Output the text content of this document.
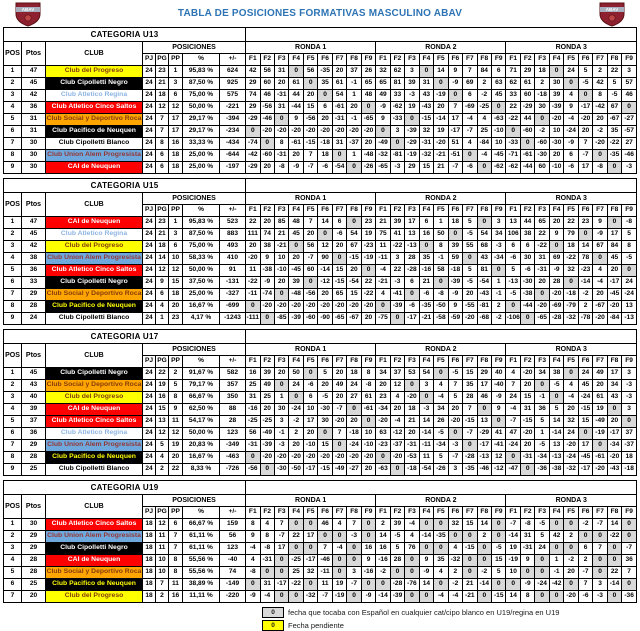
ABAV	TABLA DE POSICIONES FORMATIVAS MASCULINO ABAV	ABAV
CATEGORIA U13																																		
POS	Ptos	CLUB	POSICIONES					RONDA 1									RONDA 2									RONDA 3								
			PJ	PG	PP	%	+/-	F1	F2	F3	F4	F5	F6	F7	F8	F9	F1	F2	F3	F4	F5	F6	F7	F8	F9	F1	F2	F3	F4	F5	F6	F7	F8	F9
1	47	Club del Progreso	24	23	1	95,83 %	624	42	56	31	0	56	-35	20	37	26	32	62	3	0	14	9	7	84	6	71	29	18	0	24	5	2	22	3
2	45	Club Cipolletti Negro	24	21	3	87,50 %	925	29	60	20	61	0	35	61	-1	65	65	81	39	31	0	-9	69	2	63	62	61	2	30	0	-5	42	5	57
3	42	Club Atletico Regina	24	18	6	75,00 %	575	74	46	-31	44	20	0	54	1	48	49	33	-3	43	-19	0	6	-2	45	33	60	-18	39	4	0	8	-5	46
4	36	Club Atletico Cinco Saltos	24	12	12	50,00 %	-221	29	-56	31	-44	15	6	-61	20	0	-9	-62	19	-43	20	7	-69	-25	0	22	-29	30	-39	9	-17	-42	67	0
5	31	Club Social y Deportivo Roca	24	7	17	29,17 %	-394	-29	-46	0	9	-56	20	-31	-1	-65	9	-33	0	-15	-14	17	-4	4	-63	-22	44	0	-20	-4	-20	20	-67	-27
6	31	Club Pacifico de Neuquen	24	7	17	29,17 %	-234	0	-20	-20	-20	-20	-20	-20	-20	-20	0	3	-39	32	19	-17	-7	25	-10	0	-60	-2	10	-24	20	-2	35	-57
7	30	Club Cipolletti Blanco	24	8	16	33,33 %	-434	-74	0	8	-61	-15	-18	31	-37	20	-49	0	-29	-31	-20	51	4	-84	10	-33	0	-60	-30	-9	7	-20	-22	27
8	30	Club Union Alem Progresista	24	6	18	25,00 %	-644	-42	-60	-31	20	7	18	0	1	-48	-32	-81	-19	-32	-21	-51	0	-4	-45	-71	-61	-30	20	6	-7	0	-35	-46
9	30	CAI de Neuquen	24	6	18	25,00 %	-197	-29	20	-8	-9	-7	-6	-54	0	-26	-65	-3	29	15	21	-7	-6	0	-62	-62	-44	60	-10	-6	17	-8	0	-3
CATEGORIA U15																																		
POS	Ptos	CLUB	POSICIONES					RONDA 1									RONDA 2									RONDA 3								
			PJ	PG	PP	%	+/-	F1	F2	F3	F4	F5	F6	F7	F8	F9	F1	F2	F3	F4	F5	F6	F7	F8	F9	F1	F2	F3	F4	F5	F6	F7	F8	F9
1	47	CAI de Neuquen	24	23	1	95,83 %	523	22	20	85	48	7	14	6	0	23	21	39	17	6	1	18	5	0	3	13	44	65	20	22	23	9	0	-8
2	45	Club Atletico Regina	24	21	3	87,50 %	883	111	74	21	45	20	0	-6	54	19	75	41	13	16	50	0	-5	54	34	106	38	22	9	79	0	-9	17	5
3	42	Club del Progreso	24	18	6	75,00 %	493	20	38	-21	0	56	12	20	67	-23	11	-22	-13	0	8	39	55	68	-3	6	6	-22	0	18	14	67	84	8
4	38	Club Union Alem Progresista	24	14	10	58,33 %	410	-20	9	10	20	-7	90	0	-15	-19	-11	3	28	35	-1	59	0	43	-34	-6	30	31	69	-22	78	0	45	-5
5	36	Club Atletico Cinco Saltos	24	12	12	50,00 %	91	11	-38	-10	-45	60	-14	15	20	0	-4	22	-28	-16	58	-18	5	81	0	5	-6	-31	-9	32	-23	4	20	0
6	33	Club Cipolletti Negro	24	9	15	37,50 %	-131	-22	-9	20	39	0	-12	-15	-54	22	-21	-3	6	21	0	-39	-5	-54	1	-13	-30	20	28	0	-14	-4	-17	24
7	29	Club Social y Deportivo Roca	24	6	18	25,00 %	-327	-11	-74	0	-48	-56	20	65	15	-22	4	-41	0	-6	-8	-9	20	-43	-1	-5	-38	0	-20	-18	-2	20	-45	-24
8	28	Club Pacifico de Neuquen	24	4	20	16,67 %	-699	0	-20	-20	-20	-20	-20	-20	-20	-20	0	-39	-6	-35	-50	9	-55	-81	2	0	-44	-20	-69	-79	2	-67	-20	13
9	24	Club Cipolletti Blanco	24	1	23	4,17 %	-1243	-111	0	-85	-39	-60	-90	-65	-67	20	-75	0	-17	-21	-58	-59	-20	-68	-2	-106	0	-65	-28	-32	-78	-20	-84	-13
CATEGORIA U17																																		
POS	Ptos	CLUB	POSICIONES					RONDA 1									RONDA 2									RONDA 3								
			PJ	PG	PP	%	+/-	F1	F2	F3	F4	F5	F6	F7	F8	F9	F1	F2	F3	F4	F5	F6	F7	F8	F9	F1	F2	F3	F4	F5	F6	F7	F8	F9
1	45	Club Cipolletti Negro	24	22	2	91,67 %	582	16	39	20	50	0	5	20	18	8	34	37	53	54	0	-5	15	29	40	4	-20	34	38	0	24	49	17	3
2	43	Club Social y Deportivo Roca	24	19	5	79,17 %	357	25	49	0	24	-6	20	49	24	-8	20	12	0	3	4	7	35	17	-40	7	20	0	-5	4	45	20	34	-3
3	40	Club del Progreso	24	16	8	66,67 %	350	31	25	1	0	6	-5	20	27	61	23	4	-20	0	-4	5	28	46	-9	24	15	-1	0	-4	-24	61	43	-3
4	39	CAI de Neuquen	24	15	9	62,50 %	88	-16	20	30	-24	10	-30	-7	0	-61	-34	20	18	-3	34	20	7	0	9	-4	31	36	5	20	-15	19	0	3
5	37	Club Atletico Cinco Saltos	24	13	11	54,17 %	28	-25	-25	3	-2	17	30	-20	20	0	-20	-4	21	14	26	-20	-15	13	0	-7	-15	5	14	32	15	-49	20	0
6	36	Club Atletico Regina	24	12	12	50,00 %	123	56	-49	-1	2	20	0	7	-18	10	63	-12	20	-14	-5	0	-7	-29	41	47	-20	1	-14	24	0	-19	-17	37
7	29	Club Union Alem Progresista	24	5	19	20,83 %	-349	-31	-39	-3	20	-10	15	0	-24	-10	-23	-37	-31	-11	-34	-3	0	-17	-41	-24	20	-5	13	-20	17	0	-34	-37
8	28	Club Pacifico de Neuquen	24	4	20	16,67 %	-463	0	-20	-20	-20	-20	-20	-20	-20	-20	0	-20	-53	11	5	-7	-28	-13	12	0	-31	-34	-13	-24	-45	-61	-20	18
9	25	Club Cipolletti Blanco	24	2	22	8,33 %	-726	-56	0	-30	-50	-17	-15	-49	-27	20	-63	0	-18	-54	-26	3	-35	-46	-12	-47	0	-36	-38	-32	-17	-20	-43	-18
CATEGORIA U19																																		
POS	Ptos	CLUB	POSICIONES					RONDA 1									RONDA 2									RONDA 3								
			PJ	PG	PP	%	+/-	F1	F2	F3	F4	F5	F6	F7	F8	F9	F1	F2	F3	F4	F5	F6	F7	F8	F9	F1	F2	F3	F4	F5	F6	F7	F8	F9
1	30	Club Atletico Cinco Saltos	18	12	6	66,67 %	159	8	4	7	0	0	46	4	7	0	2	39	-4	0	0	32	15	14	0	-7	-8	-5	0	0	-2	-7	14	0
2	29	Club Union Alem Progresista	18	11	7	61,11 %	56	9	8	-7	22	17	0	0	-3	0	14	-5	4	-14	-35	0	0	2	0	-14	31	5	42	2	0	0	-22	0
3	29	Club Cipolletti Negro	18	11	7	61,11 %	123	-4	-8	17	0	0	7	-4	0	16	16	5	76	0	0	4	-15	0	-5	19	-31	24	0	0	6	7	0	-7
4	28	CAI de Neuquen	18	10	8	55,56 %	-40	4	-31	0	-25	-17	-46	0	0	9	-16	28	0	9	35	-32	0	0	15	-19	9	0	1	-2	2	0	0	36
5	28	Club Social y Deportivo Roca	18	10	8	55,56 %	74	-8	0	0	25	32	-11	0	3	-16	-2	0	0	-9	4	2	0	-2	5	10	0	0	-1	20	-7	0	22	7
6	25	Club Pacifico de Neuquen	18	7	11	38,89 %	-149	0	31	-17	-22	0	11	19	-7	0	0	-28	-76	14	0	-2	21	-14	0	0	-9	-24	-42	0	7	3	-14	0
7	20	Club del Progreso	18	2	16	11,11 %	-220	-9	-4	0	0	-32	-7	-19	0	-9	-14	-39	0	0	-4	-4	-21	0	-15	14	8	0	0	-20	-6	-3	0	-36
0	fecha que tocaba con Español en cualquier cat/cipo blanco en U19/regina en U19
0	Fecha pendiente
